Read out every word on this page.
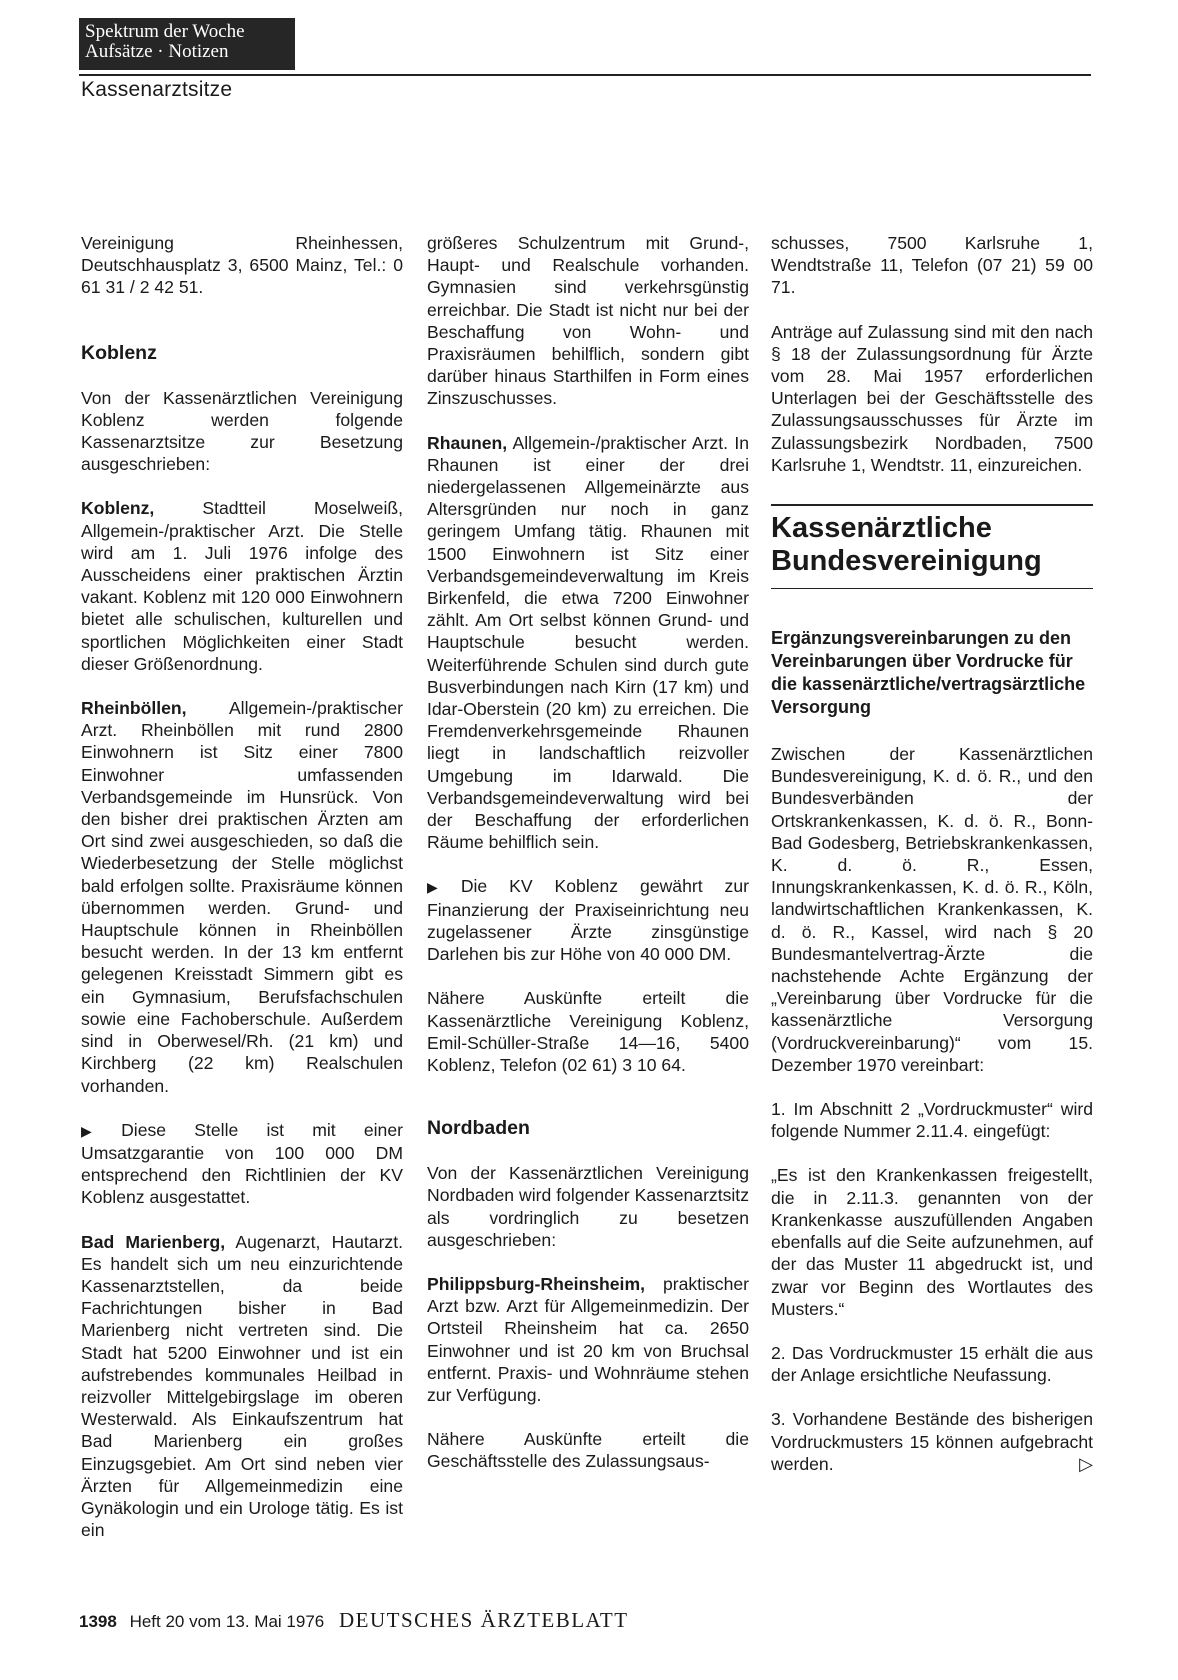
Spektrum der Woche
Aufsätze · Notizen
Kassenarztsitze

Vereinigung Rheinhessen, Deutschhausplatz 3, 6500 Mainz, Tel.: 0 61 31 / 2 42 51.

Koblenz

Von der Kassenärztlichen Vereinigung Koblenz werden folgende Kassenarztsitze zur Besetzung ausgeschrieben:

Koblenz,	Stadtteil Moselweiß, Allgemein-/praktischer Arzt. Die Stelle wird am 1. Juli 1976 infolge des Ausscheidens einer praktischen Ärztin vakant. Koblenz mit 120 000 Einwohnern bietet alle schulischen, kulturellen und sportlichen Möglichkeiten einer Stadt dieser Größenordnung.

Rheinböllen, Allgemein-/praktischer Arzt. Rheinböllen mit rund 2800 Einwohnern ist Sitz einer 7800 Einwohner umfassenden Verbandsgemeinde im Hunsrück. Von den bisher drei praktischen Ärzten am Ort sind zwei ausgeschieden, so daß die Wiederbesetzung der Stelle möglichst bald erfolgen sollte. Praxisräume können übernommen werden. Grund- und Hauptschule können in Rheinböllen besucht werden. In der 13 km entfernt gelegenen Kreisstadt Simmern gibt es ein Gymnasium, Berufsfachschulen sowie eine Fachoberschule. Außerdem sind in Oberwesel/Rh. (21 km) und Kirchberg (22 km) Realschulen vorhanden.

▶ Diese Stelle ist mit einer Umsatzgarantie von 100 000 DM entsprechend den Richtlinien der KV Koblenz ausgestattet.

Bad Marienberg, Augenarzt, Hautarzt. Es handelt sich um neu einzurichtende Kassenarztstellen, da beide Fachrichtungen bisher in Bad Marienberg nicht vertreten sind. Die Stadt hat 5200 Einwohner und ist ein aufstrebendes kommunales Heilbad in reizvoller Mittelgebirgslage im oberen Westerwald. Als Einkaufszentrum hat Bad Marienberg ein großes Einzugsgebiet. Am Ort sind neben vier Ärzten für Allgemeinmedizin eine Gynäkologin und ein Urologe tätig. Es ist ein

größeres Schulzentrum mit Grund-, Haupt- und Realschule vorhanden. Gymnasien sind verkehrsgünstig erreichbar. Die Stadt ist nicht nur bei der Beschaffung von Wohn- und Praxisräumen behilflich, sondern gibt darüber hinaus Starthilfen in Form eines Zinszuschusses.

Rhaunen, Allgemein-/praktischer Arzt. In Rhaunen ist einer der drei niedergelassenen Allgemeinärzte aus Altersgründen nur noch in ganz geringem Umfang tätig. Rhaunen mit 1500 Einwohnern ist Sitz einer Verbandsgemeindeverwaltung im Kreis Birkenfeld, die etwa 7200 Einwohner zählt. Am Ort selbst können Grund- und Hauptschule besucht werden. Weiterführende Schulen sind durch gute Busverbindungen nach Kirn (17 km) und Idar-Oberstein (20 km) zu erreichen. Die Fremdenverkehrsgemeinde Rhaunen liegt in landschaftlich reizvoller Umgebung im Idarwald. Die Verbandsgemeindeverwaltung wird bei der Beschaffung der erforderlichen Räume behilflich sein.

▶ Die KV Koblenz gewährt zur Finanzierung der Praxiseinrichtung neu zugelassener Ärzte zinsgünstige Darlehen bis zur Höhe von 40 000 DM.

Nähere Auskünfte erteilt die Kassenärztliche Vereinigung Koblenz, Emil-Schüller-Straße 14—16, 5400 Koblenz, Telefon (02 61) 3 10 64.

Nordbaden

Von der Kassenärztlichen Vereinigung Nordbaden wird folgender Kassenarztsitz als vordringlich zu besetzen ausgeschrieben:

Philippsburg-Rheinsheim, praktischer Arzt bzw. Arzt für Allgemeinmedizin. Der Ortsteil Rheinsheim hat ca. 2650 Einwohner und ist 20 km von Bruchsal entfernt. Praxis- und Wohnräume stehen zur Verfügung.

Nähere Auskünfte erteilt die Geschäftsstelle des Zulassungsaus-

schusses, 7500 Karlsruhe 1, Wendtstraße 11, Telefon (07 21) 59 00 71.

Anträge auf Zulassung sind mit den nach § 18 der Zulassungsordnung für Ärzte vom 28. Mai 1957 erforderlichen Unterlagen bei der Geschäftsstelle des Zulassungsausschusses für Ärzte im Zulassungsbezirk Nordbaden, 7500 Karlsruhe 1, Wendtstr. 11, einzureichen.

Kassenärztliche
Bundesvereinigung
Ergänzungsvereinbarungen zu den Vereinbarungen über Vordrucke für die kassenärztliche/vertragsärztliche Versorgung

Zwischen der Kassenärztlichen Bundesvereinigung, K. d. ö. R., und den Bundesverbänden der Ortskrankenkassen, K. d. ö. R., Bonn-Bad Godesberg, Betriebskrankenkassen, K. d. ö. R., Essen, Innungskrankenkassen, K. d. ö. R., Köln, landwirtschaftlichen Krankenkassen, K. d. ö. R., Kassel, wird nach § 20 Bundesmantelvertrag-Ärzte die nachstehende Achte Ergänzung der „Vereinbarung über Vordrucke für die kassenärztliche Versorgung (Vordruckvereinbarung)“ vom 15. Dezember 1970 vereinbart:

1. Im Abschnitt 2 „Vordruckmuster“ wird folgende Nummer 2.11.4. eingefügt:

„Es ist den Krankenkassen freigestellt, die in 2.11.3. genannten von der Krankenkasse auszufüllenden Angaben ebenfalls auf die Seite aufzunehmen, auf der das Muster 11 abgedruckt ist, und zwar vor Beginn des Wortlautes des Musters.“

2. Das Vordruckmuster 15 erhält die aus der Anlage ersichtliche Neufassung.

3. Vorhandene Bestände des bisherigen Vordruckmusters 15 können aufgebracht werden.	▷

1398 Heft 20 vom 13. Mai 1976 DEUTSCHES ÄRZTEBLATT
